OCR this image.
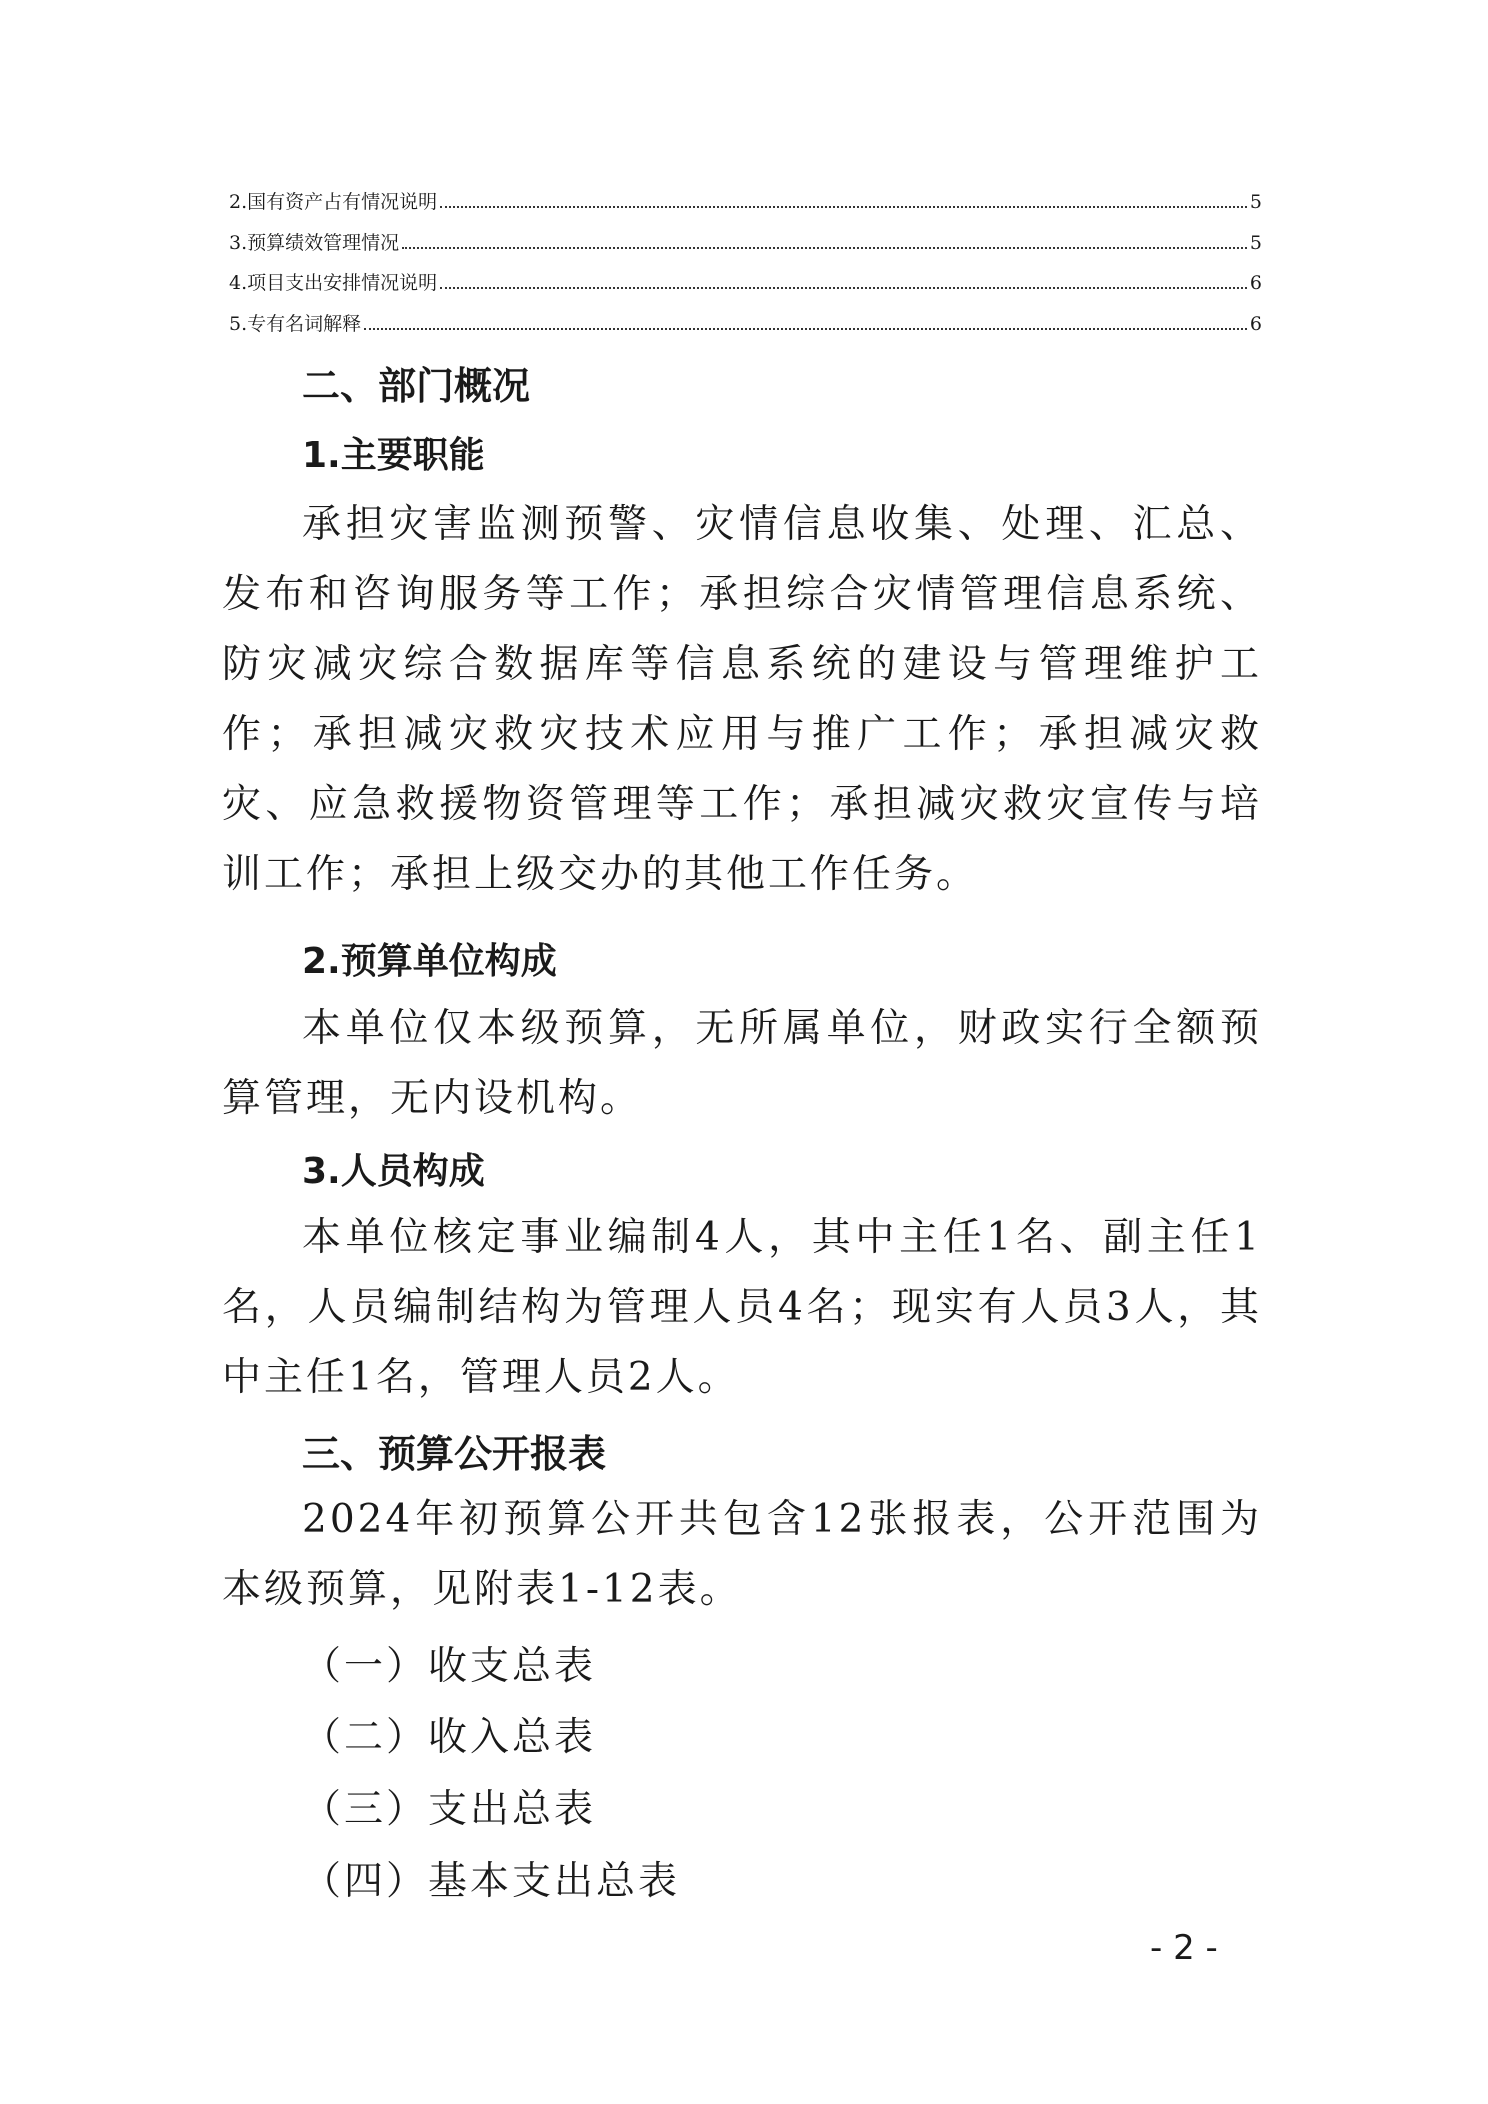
2.国有资产占有情况说明	5
3.预算绩效管理情况	5
4.项目支出安排情况说明	6
5.专有名词解释	6
二、部门概况
1.主要职能
承担灾害监测预警、灾情信息收集、处理、汇总、发布和咨询服务等工作；承担综合灾情管理信息系统、防灾减灾综合数据库等信息系统的建设与管理维护工作；承担减灾救灾技术应用与推广工作；承担减灾救灾、应急救援物资管理等工作；承担减灾救灾宣传与培训工作；承担上级交办的其他工作任务。
2.预算单位构成
本单位仅本级预算，无所属单位，财政实行全额预算管理，无内设机构。
3.人员构成
本单位核定事业编制4人，其中主任1名、副主任1名，人员编制结构为管理人员4名；现实有人员3人，其中主任1名，管理人员2人。
三、预算公开报表
2024年初预算公开共包含12张报表，公开范围为本级预算，见附表1-12表。
（一）收支总表
（二）收入总表
（三）支出总表
（四）基本支出总表
- 2 -
